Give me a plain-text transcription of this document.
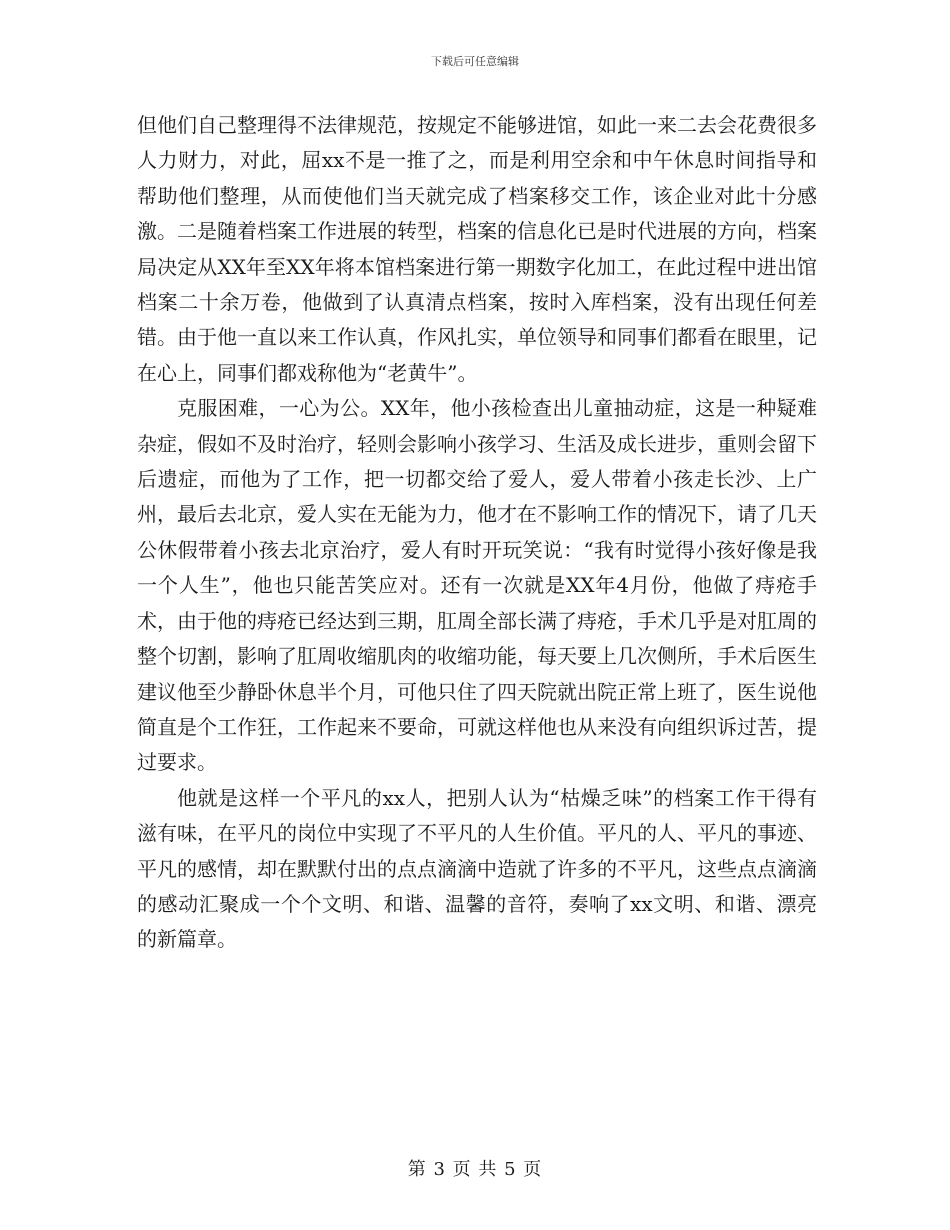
下载后可任意编辑

但他们自己整理得不法律规范，按规定不能够进馆，如此一来二去会花费很多人力财力，对此，屈xx不是一推了之，而是利用空余和中午休息时间指导和帮助他们整理，从而使他们当天就完成了档案移交工作，该企业对此十分感激。二是随着档案工作进展的转型，档案的信息化已是时代进展的方向，档案局决定从XX年至XX年将本馆档案进行第一期数字化加工，在此过程中进出馆档案二十余万卷，他做到了认真清点档案，按时入库档案，没有出现任何差错。由于他一直以来工作认真，作风扎实，单位领导和同事们都看在眼里，记在心上，同事们都戏称他为“老黄牛”。

克服困难，一心为公。XX年，他小孩检查出儿童抽动症，这是一种疑难杂症，假如不及时治疗，轻则会影响小孩学习、生活及成长进步，重则会留下后遗症，而他为了工作，把一切都交给了爱人，爱人带着小孩走长沙、上广州，最后去北京，爱人实在无能为力，他才在不影响工作的情况下，请了几天公休假带着小孩去北京治疗，爱人有时开玩笑说：“我有时觉得小孩好像是我一个人生”，他也只能苦笑应对。还有一次就是XX年4月份，他做了痔疮手术，由于他的痔疮已经达到三期，肛周全部长满了痔疮，手术几乎是对肛周的整个切割，影响了肛周收缩肌肉的收缩功能，每天要上几次侧所，手术后医生建议他至少静卧休息半个月，可他只住了四天院就出院正常上班了，医生说他简直是个工作狂，工作起来不要命，可就这样他也从来没有向组织诉过苦，提过要求。

他就是这样一个平凡的xx人，把别人认为“枯燥乏味”的档案工作干得有滋有味，在平凡的岗位中实现了不平凡的人生价值。平凡的人、平凡的事迹、平凡的感情，却在默默付出的点点滴滴中造就了许多的不平凡，这些点点滴滴的感动汇聚成一个个文明、和谐、温馨的音符，奏响了xx文明、和谐、漂亮的新篇章。

第 3 页 共 5 页
